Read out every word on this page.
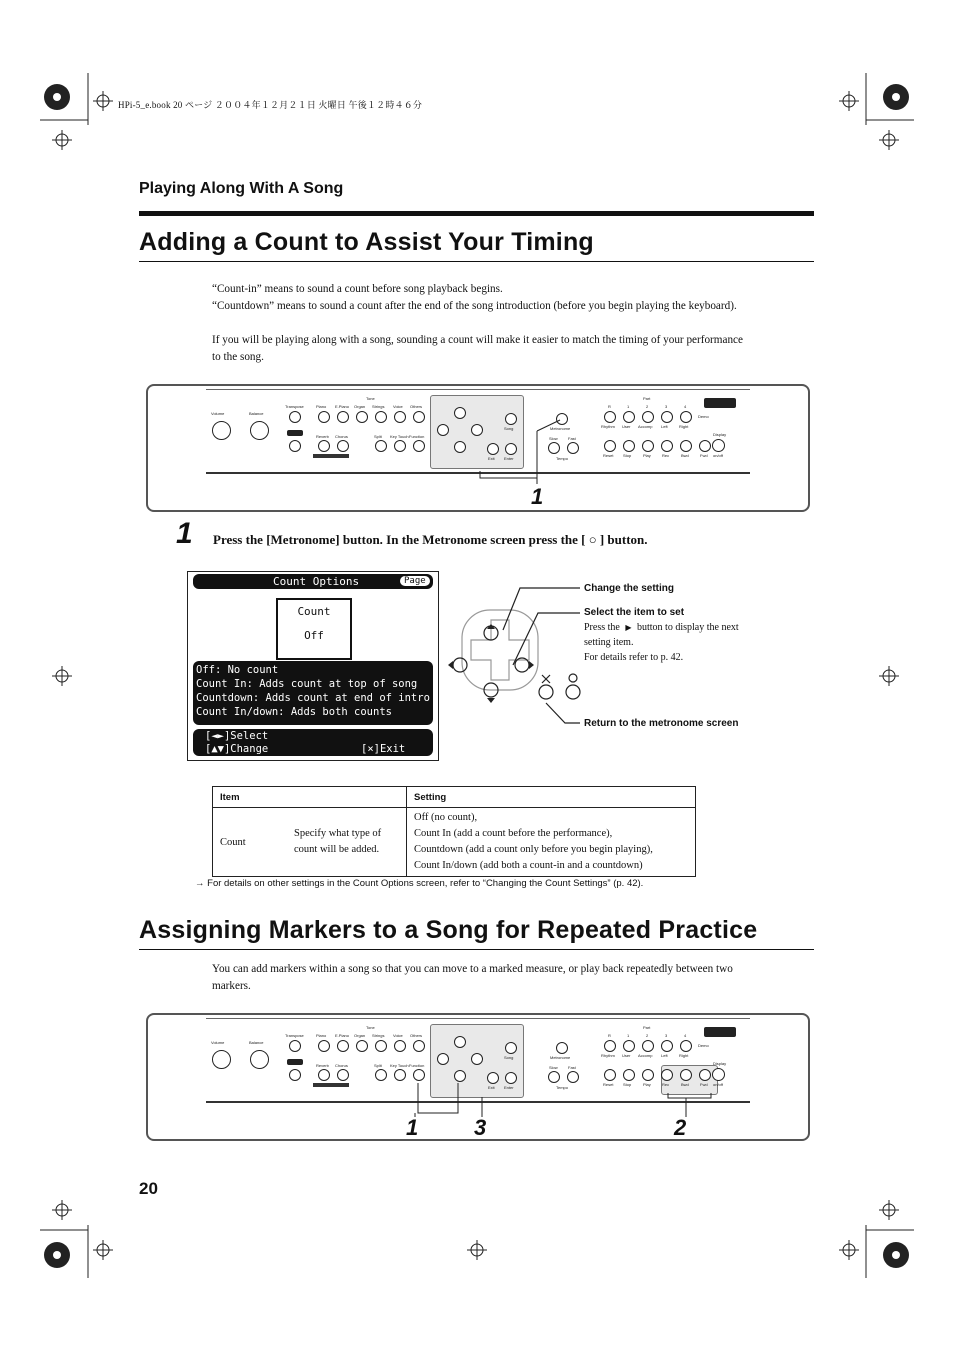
HPi-5_e.book 20 ページ ２００４年１２月２１日 火曜日 午後１２時４６分
Playing Along With A Song
Adding a Count to Assist Your Timing
“Count-in” means to sound a count before song playback begins.
“Countdown” means to sound a count after the end of the song introduction (before you begin playing the keyboard).
If you will be playing along with a song, sounding a count will make it easier to match the timing of your performance to the song.
Volume	Balance
Transpose
Tone
Piano E.Piano Organ Strings Voice Others
Reverb Chorus	Split Key Touch Function
Song
Exit Enter
Metronome
Slow	Fast
Tempo
Part
R	1	2	3	4
Rhythm User Accomp Left	Right
Demo
Reset Stop	Play	Rec	Bwd	Fwd
Display
on/off
1
1 Press the [Metronome] button. In the Metronome screen press the [ ○ ] button.
Count Options	Page
Count
Off
Off: No count
Count In: Adds count at top of song
Countdown: Adds count at end of intro
Count In/down: Adds both counts
[◄►]Select
[▲▼]Change	[×]Exit
Change the setting
Select the item to set
Press the ▶ button to display the next
setting item.
For details refer to p. 42.
Return to the metronome screen
Item		Setting
Count	Specify what type of
count will be added.	Off (no count),
Count In (add a count before the performance),
Countdown (add a count only before you begin playing),
Count In/down (add both a count-in and a countdown)
→ For details on other settings in the Count Options screen, refer to “Changing the Count Settings” (p. 42).
Assigning Markers to a Song for Repeated Practice
You can add markers within a song so that you can move to a marked measure, or play back repeatedly between two markers.
Volume	Balance
Transpose
Tone
Piano E.Piano Organ Strings Voice Others
Reverb Chorus	Split Key Touch Function
Song
Exit Enter
Metronome
Slow	Fast
Tempo
Part
R	1	2	3	4
Rhythm User Accomp Left	Right
Demo
Reset Stop	Play	Rec	Bwd	Fwd
Display
on/off
1	3	2
20
